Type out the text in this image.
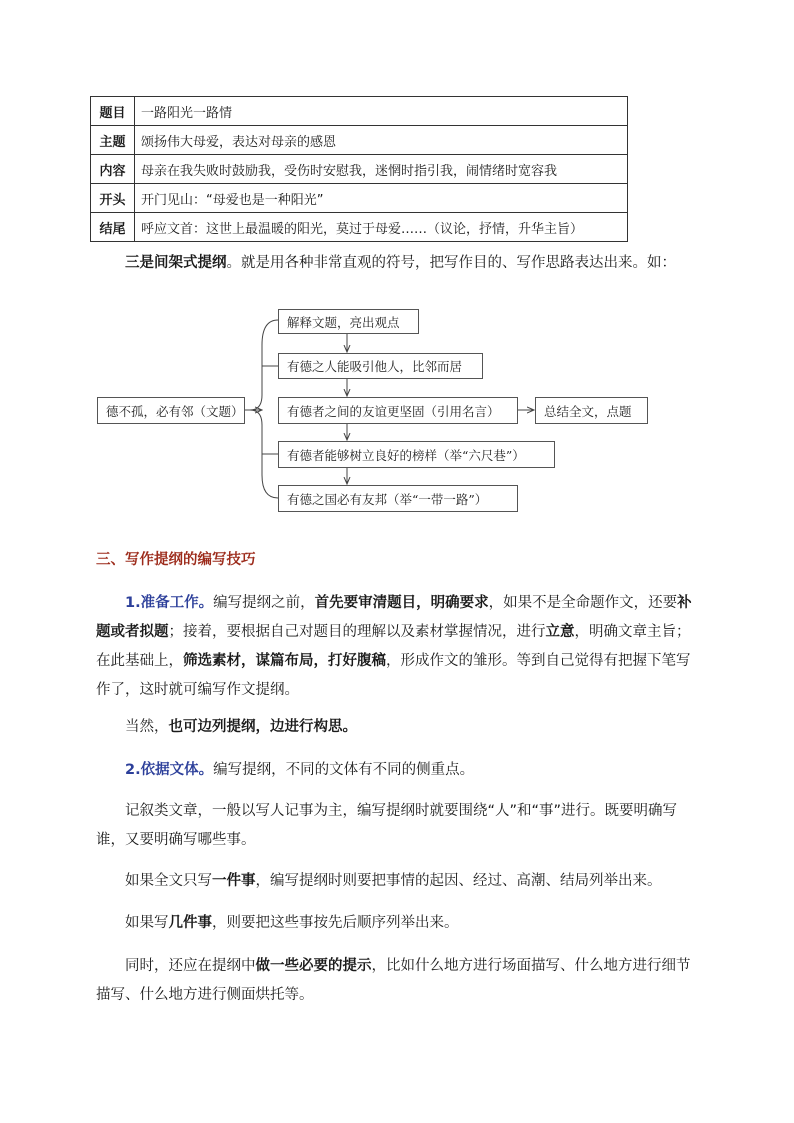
题目	一路阳光一路情
主题	颂扬伟大母爱，表达对母亲的感恩
内容	母亲在我失败时鼓励我，受伤时安慰我，迷惘时指引我，闹情绪时宽容我
开头	开门见山：“母爱也是一种阳光”
结尾	呼应文首：这世上最温暖的阳光，莫过于母爱……（议论，抒情，升华主旨）

三是间架式提纲。就是用各种非常直观的符号，把写作目的、写作思路表达出来。如：

德不孤，必有邻（文题）
解释文题，亮出观点
有德之人能吸引他人，比邻而居
有德者之间的友谊更坚固（引用名言）
有德者能够树立良好的榜样（举“六尺巷”）
有德之国必有友邦（举“一带一路”）
总结全文，点题

三、写作提纲的编写技巧

1.准备工作。编写提纲之前，首先要审清题目，明确要求，如果不是全命题作文，还要补题或者拟题；接着，要根据自己对题目的理解以及素材掌握情况，进行立意，明确文章主旨；在此基础上，筛选素材，谋篇布局，打好腹稿，形成作文的雏形。等到自己觉得有把握下笔写作了，这时就可编写作文提纲。

当然，也可边列提纲，边进行构思。

2.依据文体。编写提纲，不同的文体有不同的侧重点。

记叙类文章，一般以写人记事为主，编写提纲时就要围绕“人”和“事”进行。既要明确写谁，又要明确写哪些事。

如果全文只写一件事，编写提纲时则要把事情的起因、经过、高潮、结局列举出来。

如果写几件事，则要把这些事按先后顺序列举出来。

同时，还应在提纲中做一些必要的提示，比如什么地方进行场面描写、什么地方进行细节描写、什么地方进行侧面烘托等。
